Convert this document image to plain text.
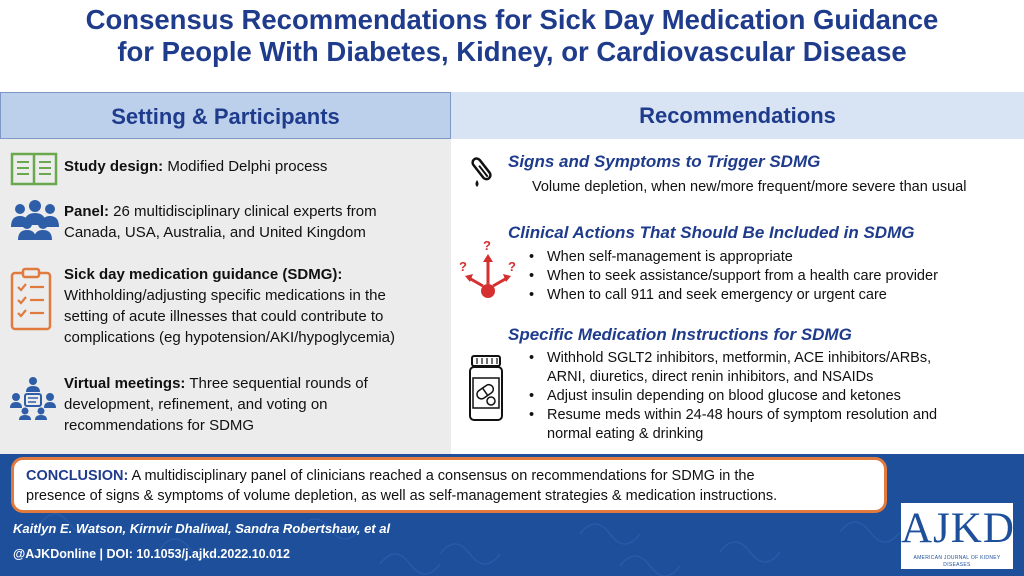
Consensus Recommendations for Sick Day Medication Guidance
for People With Diabetes, Kidney, or Cardiovascular Disease
Setting & Participants
Study design: Modified Delphi process
Panel: 26 multidisciplinary clinical experts from
Canada, USA, Australia, and United Kingdom
Sick day medication guidance (SDMG):
Withholding/adjusting specific medications in the
setting of acute illnesses that could contribute to
complications (eg hypotension/AKI/hypoglycemia)
Virtual meetings: Three sequential rounds of
development, refinement, and voting on
recommendations for SDMG
Recommendations
Signs and Symptoms to Trigger SDMG
Volume depletion, when new/more frequent/more severe than usual
?
?	?
Clinical Actions That Should Be Included in SDMG
• When self-management is appropriate
• When to seek assistance/support from a health care provider
• When to call 911 and seek emergency or urgent care
Specific Medication Instructions for SDMG
• Withhold SGLT2 inhibitors, metformin, ACE inhibitors/ARBs,
ARNI, diuretics, direct renin inhibitors, and NSAIDs
• Adjust insulin depending on blood glucose and ketones
• Resume meds within 24-48 hours of symptom resolution and
normal eating & drinking
CONCLUSION: A multidisciplinary panel of clinicians reached a consensus on recommendations for SDMG in the
presence of signs & symptoms of volume depletion, as well as self-management strategies & medication instructions.
Kaitlyn E. Watson, Kirnvir Dhaliwal, Sandra Robertshaw, et al
@AJKDonline | DOI: 10.1053/j.ajkd.2022.10.012
AJKD
AMERICAN JOURNAL OF KIDNEY DISEASES
